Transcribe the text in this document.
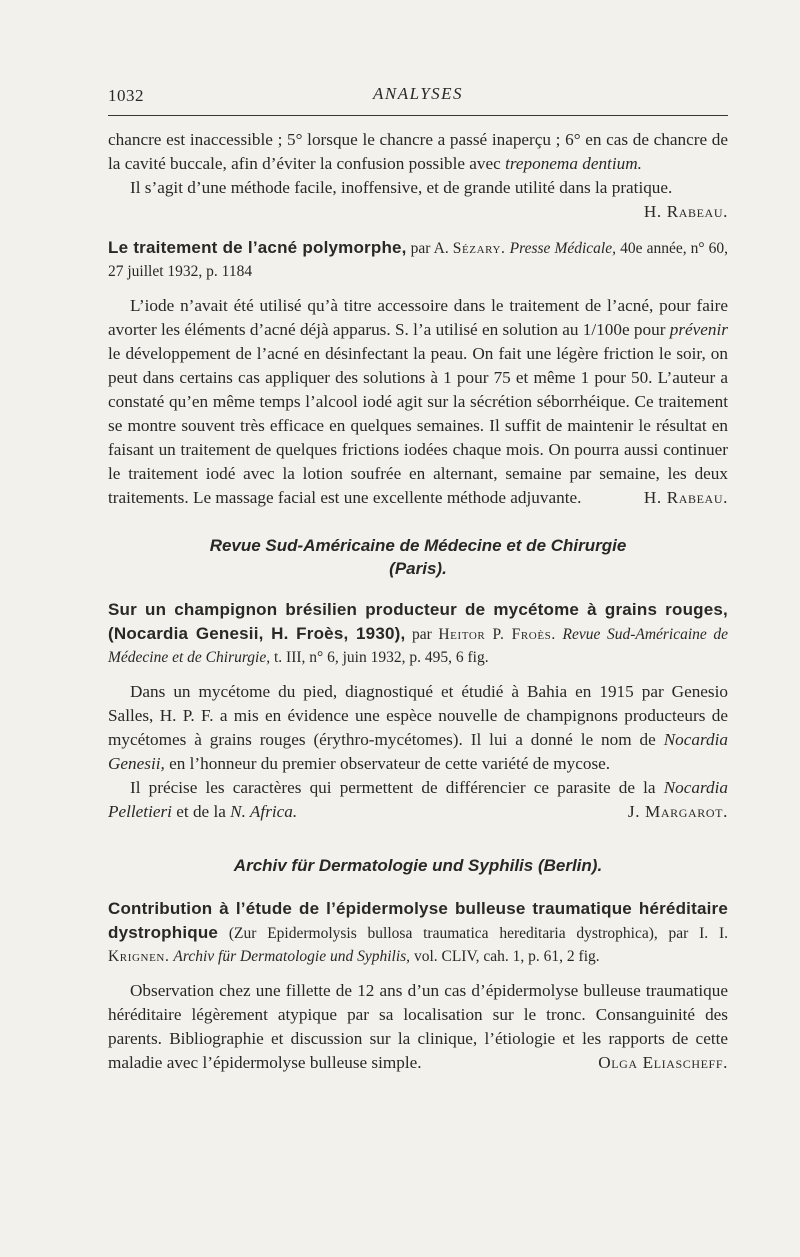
1032	ANALYSES

chancre est inaccessible ; 5° lorsque le chancre a passé inaperçu ; 6° en cas de chancre de la cavité buccale, afin d’éviter la confusion possible avec treponema dentium.

Il s’agit d’une méthode facile, inoffensive, et de grande utilité dans la pratique.
H. Rabeau.

Le traitement de l’acné polymorphe, par A. Sézary. Presse Médicale, 40e année, n° 60, 27 juillet 1932, p. 1184

L’iode n’avait été utilisé qu’à titre accessoire dans le traitement de l’acné, pour faire avorter les éléments d’acné déjà apparus. S. l’a utilisé en solution au 1/100e pour prévenir le développement de l’acné en désinfectant la peau. On fait une légère friction le soir, on peut dans certains cas appliquer des solutions à 1 pour 75 et même 1 pour 50. L’auteur a constaté qu’en même temps l’alcool iodé agit sur la sécrétion séborrhéique. Ce traitement se montre souvent très efficace en quelques semaines. Il suffit de maintenir le résultat en faisant un traitement de quelques frictions iodées chaque mois. On pourra aussi continuer le traitement iodé avec la lotion soufrée en alternant, semaine par semaine, les deux traitements. Le massage facial est une excellente méthode adjuvante.	H. Rabeau.

Revue Sud-Américaine de Médecine et de Chirurgie
(Paris).
Sur un champignon brésilien producteur de mycétome à grains rouges, (Nocardia Genesii, H. Froès, 1930), par Heitor P. Froès. Revue Sud-Américaine de Médecine et de Chirurgie, t. III, n° 6, juin 1932, p. 495, 6 fig.

Dans un mycétome du pied, diagnostiqué et étudié à Bahia en 1915 par Genesio Salles, H. P. F. a mis en évidence une espèce nouvelle de champignons producteurs de mycétomes à grains rouges (érythro-mycétomes). Il lui a donné le nom de Nocardia Genesii, en l’honneur du premier observateur de cette variété de mycose.

Il précise les caractères qui permettent de différencier ce parasite de la Nocardia Pelletieri et de la N. Africa.	J. Margarot.

Archiv für Dermatologie und Syphilis (Berlin).
Contribution à l’étude de l’épidermolyse bulleuse traumatique héréditaire dystrophique (Zur Epidermolysis bullosa traumatica hereditaria dystrophica), par I. I. Krignen. Archiv für Dermatologie und Syphilis, vol. CLIV, cah. 1, p. 61, 2 fig.

Observation chez une fillette de 12 ans d’un cas d’épidermolyse bulleuse traumatique héréditaire légèrement atypique par sa localisation sur le tronc. Consanguinité des parents. Bibliographie et discussion sur la clinique, l’étiologie et les rapports de cette maladie avec l’épidermolyse bulleuse simple.	Olga Eliascheff.
